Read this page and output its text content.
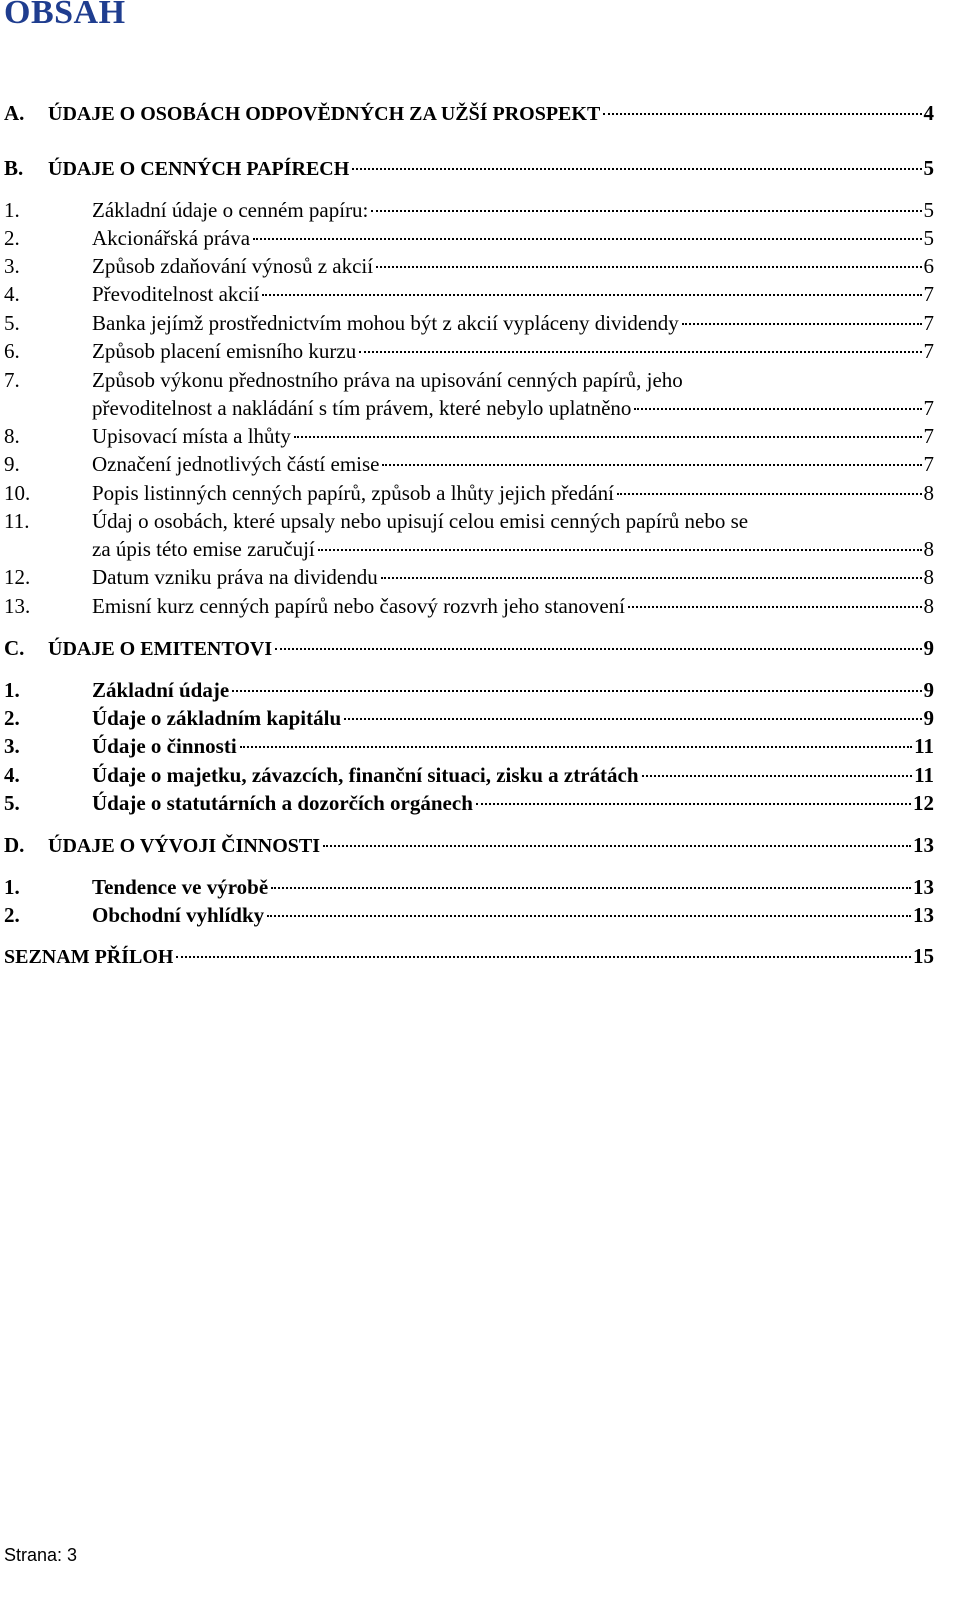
OBSAH
A. ÚDAJE O OSOBÁCH ODPOVĚDNÝCH ZA UŽŠÍ PROSPEKT	4
B. ÚDAJE O CENNÝCH PAPÍRECH	5
1.	Základní údaje o cenném papíru:	5
2.	Akcionářská práva	5
3.	Způsob zdaňování výnosů z akcií	6
4.	Převoditelnost akcií	7
5.	Banka jejímž prostřednictvím mohou být z akcií vypláceny dividendy	7
6.	Způsob placení emisního kurzu	7
7.	Způsob výkonu přednostního práva na upisování cenných papírů, jeho
převoditelnost a nakládání s tím právem, které nebylo uplatněno	7
8.	Upisovací místa a lhůty	7
9.	Označení jednotlivých částí emise	7
10.	Popis listinných cenných papírů, způsob a lhůty jejich předání	8
11.	Údaj o osobách, které upsaly nebo upisují celou emisi cenných papírů nebo se
za úpis této emise zaručují	8
12.	Datum vzniku práva na dividendu	8
13.	Emisní kurz cenných papírů nebo časový rozvrh jeho stanovení	8
C. ÚDAJE O EMITENTOVI	9
1.	Základní údaje	9
2.	Údaje o základním kapitálu	9
3.	Údaje o činnosti	11
4.	Údaje o majetku, závazcích, finanční situaci, zisku a ztrátách	11
5.	Údaje o statutárních a dozorčích orgánech	12
D. ÚDAJE O VÝVOJI ČINNOSTI	13
1.	Tendence ve výrobě	13
2.	Obchodní vyhlídky	13
SEZNAM PŘÍLOH	15
Strana: 3
